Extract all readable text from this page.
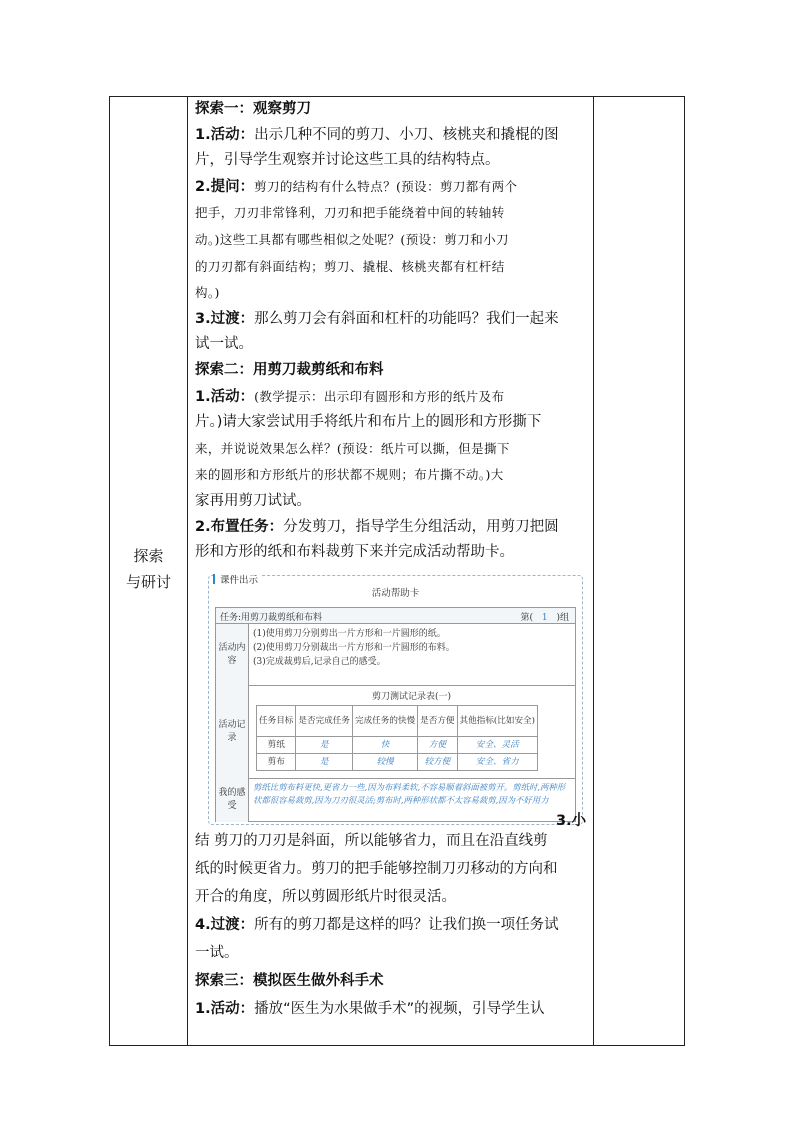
探索
与研讨
探索一：观察剪刀
1.活动：出示几种不同的剪刀、小刀、核桃夹和撬棍的图
片，引导学生观察并讨论这些工具的结构特点。
2.提问：剪刀的结构有什么特点？(预设：剪刀都有两个
把手，刀刃非常锋利，刀刃和把手能绕着中间的转轴转
动。)这些工具都有哪些相似之处呢？(预设：剪刀和小刀
的刀刃都有斜面结构；剪刀、撬棍、核桃夹都有杠杆结
构。)
3.过渡：那么剪刀会有斜面和杠杆的功能吗？我们一起来
试一试。
探索二：用剪刀裁剪纸和布料
1.活动：(教学提示：出示印有圆形和方形的纸片及布
片。)请大家尝试用手将纸片和布片上的圆形和方形撕下
来，并说说效果怎么样？(预设：纸片可以撕，但是撕下
来的圆形和方形纸片的形状都不规则；布片撕不动。)大
家再用剪刀试试。
2.布置任务：分发剪刀，指导学生分组活动，用剪刀把圆
形和方形的纸和布料裁剪下来并完成活动帮助卡。
课件出示
活动帮助卡
任务:用剪刀裁剪纸和布料	第( 1 )组
活动内容
(1)使用剪刀分别剪出一片方形和一片圆形的纸。
(2)使用剪刀分别裁出一片方形和一片圆形的布料。
(3)完成裁剪后,记录自己的感受。
活动记录
剪刀测试记录表(一)
任务目标	是否完成任务	完成任务的快慢	是否方便	其他指标(比如安全)
剪纸	是	快	方便	安全、灵活
剪布	是	较慢	较方便	安全、省力
我的感受
剪纸比剪布料更快,更省力一些,因为布料柔软,不容易顺着斜面被剪开。剪纸时,两种形状都很容易裁剪,因为刀刃很灵活;剪布时,两种形状都不太容易裁剪,因为不好用力
3.小
结 剪刀的刀刃是斜面，所以能够省力，而且在沿直线剪
纸的时候更省力。剪刀的把手能够控制刀刃移动的方向和
开合的角度，所以剪圆形纸片时很灵活。
4.过渡：所有的剪刀都是这样的吗？让我们换一项任务试
一试。
探索三：模拟医生做外科手术
1.活动：播放“医生为水果做手术”的视频，引导学生认
